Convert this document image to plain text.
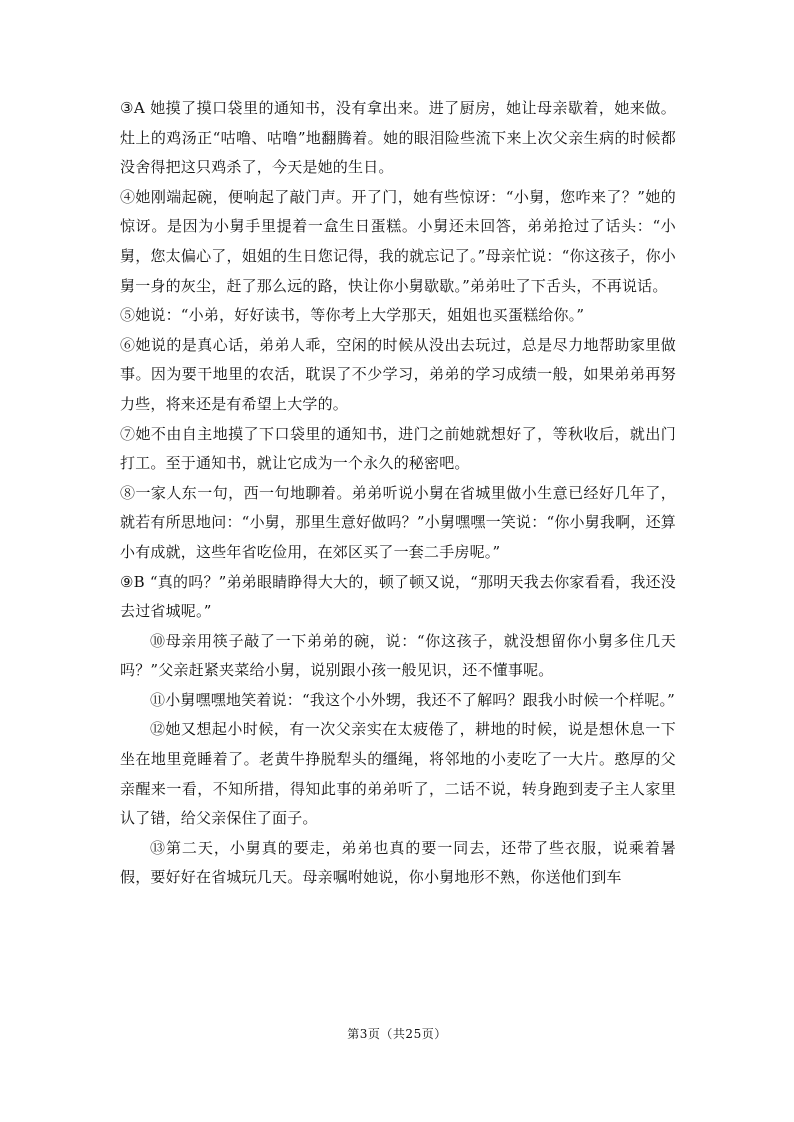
③A 她摸了摸口袋里的通知书，没有拿出来。进了厨房，她让母亲歇着，她来做。灶上的鸡汤正“咕噜、咕噜”地翻腾着。她的眼泪险些流下来上次父亲生病的时候都没舍得把这只鸡杀了，今天是她的生日。

④她刚端起碗，便响起了敲门声。开了门，她有些惊讶：“小舅，您咋来了？”她的惊讶。是因为小舅手里提着一盒生日蛋糕。小舅还未回答，弟弟抢过了话头：“小舅，您太偏心了，姐姐的生日您记得，我的就忘记了。”母亲忙说：“你这孩子，你小舅一身的灰尘，赶了那么远的路，快让你小舅歇歇。”弟弟吐了下舌头，不再说话。

⑤她说：“小弟，好好读书，等你考上大学那天，姐姐也买蛋糕给你。”

⑥她说的是真心话，弟弟人乖，空闲的时候从没出去玩过，总是尽力地帮助家里做事。因为要干地里的农活，耽误了不少学习，弟弟的学习成绩一般，如果弟弟再努力些，将来还是有希望上大学的。

⑦她不由自主地摸了下口袋里的通知书，进门之前她就想好了，等秋收后，就出门打工。至于通知书，就让它成为一个永久的秘密吧。

⑧一家人东一句，西一句地聊着。弟弟听说小舅在省城里做小生意已经好几年了，就若有所思地问：“小舅，那里生意好做吗？”小舅嘿嘿一笑说：“你小舅我啊，还算小有成就，这些年省吃俭用，在郊区买了一套二手房呢。”

⑨B “真的吗？”弟弟眼睛睁得大大的，顿了顿又说，“那明天我去你家看看，我还没去过省城呢。”

⑩母亲用筷子敲了一下弟弟的碗，说：“你这孩子，就没想留你小舅多住几天吗？”父亲赶紧夹菜给小舅，说别跟小孩一般见识，还不懂事呢。

⑪小舅嘿嘿地笑着说：“我这个小外甥，我还不了解吗？跟我小时候一个样呢。”

⑫她又想起小时候，有一次父亲实在太疲倦了，耕地的时候，说是想休息一下坐在地里竟睡着了。老黄牛挣脱犁头的缰绳，将邻地的小麦吃了一大片。憨厚的父亲醒来一看，不知所措，得知此事的弟弟听了，二话不说，转身跑到麦子主人家里认了错，给父亲保住了面子。

⑬第二天，小舅真的要走，弟弟也真的要一同去，还带了些衣服，说乘着暑假，要好好在省城玩几天。母亲嘱咐她说，你小舅地形不熟，你送他们到车

第3页（共25页）
